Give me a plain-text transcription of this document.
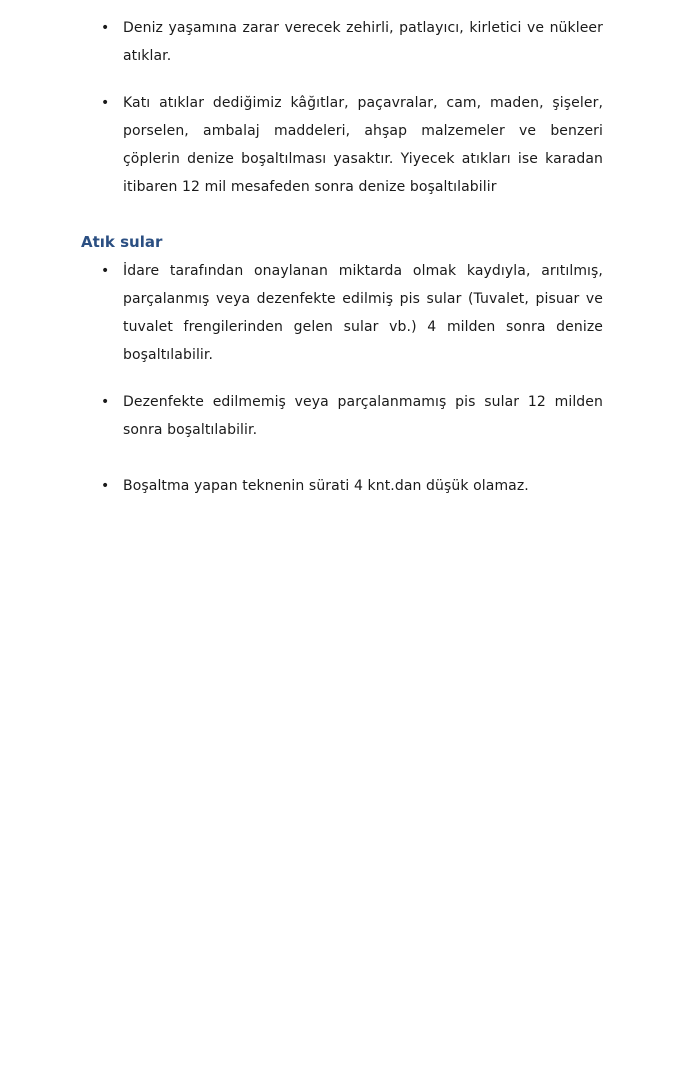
• Deniz yaşamına zarar verecek zehirli, patlayıcı, kirletici ve nükleer atıklar.
• Katı atıklar dediğimiz kâğıtlar, paçavralar, cam, maden, şişeler, porselen, ambalaj maddeleri, ahşap malzemeler ve benzeri çöplerin denize boşaltılması yasaktır. Yiyecek atıkları ise karadan itibaren 12 mil mesafeden sonra denize boşaltılabilir
Atık sular
• İdare tarafından onaylanan miktarda olmak kaydıyla, arıtılmış, parçalanmış veya dezenfekte edilmiş pis sular (Tuvalet, pisuar ve tuvalet frengilerinden gelen sular vb.) 4 milden sonra denize boşaltılabilir.
• Dezenfekte edilmemiş veya parçalanmamış pis sular 12 milden sonra boşaltılabilir.
• Boşaltma yapan teknenin sürati 4 knt.dan düşük olamaz.
